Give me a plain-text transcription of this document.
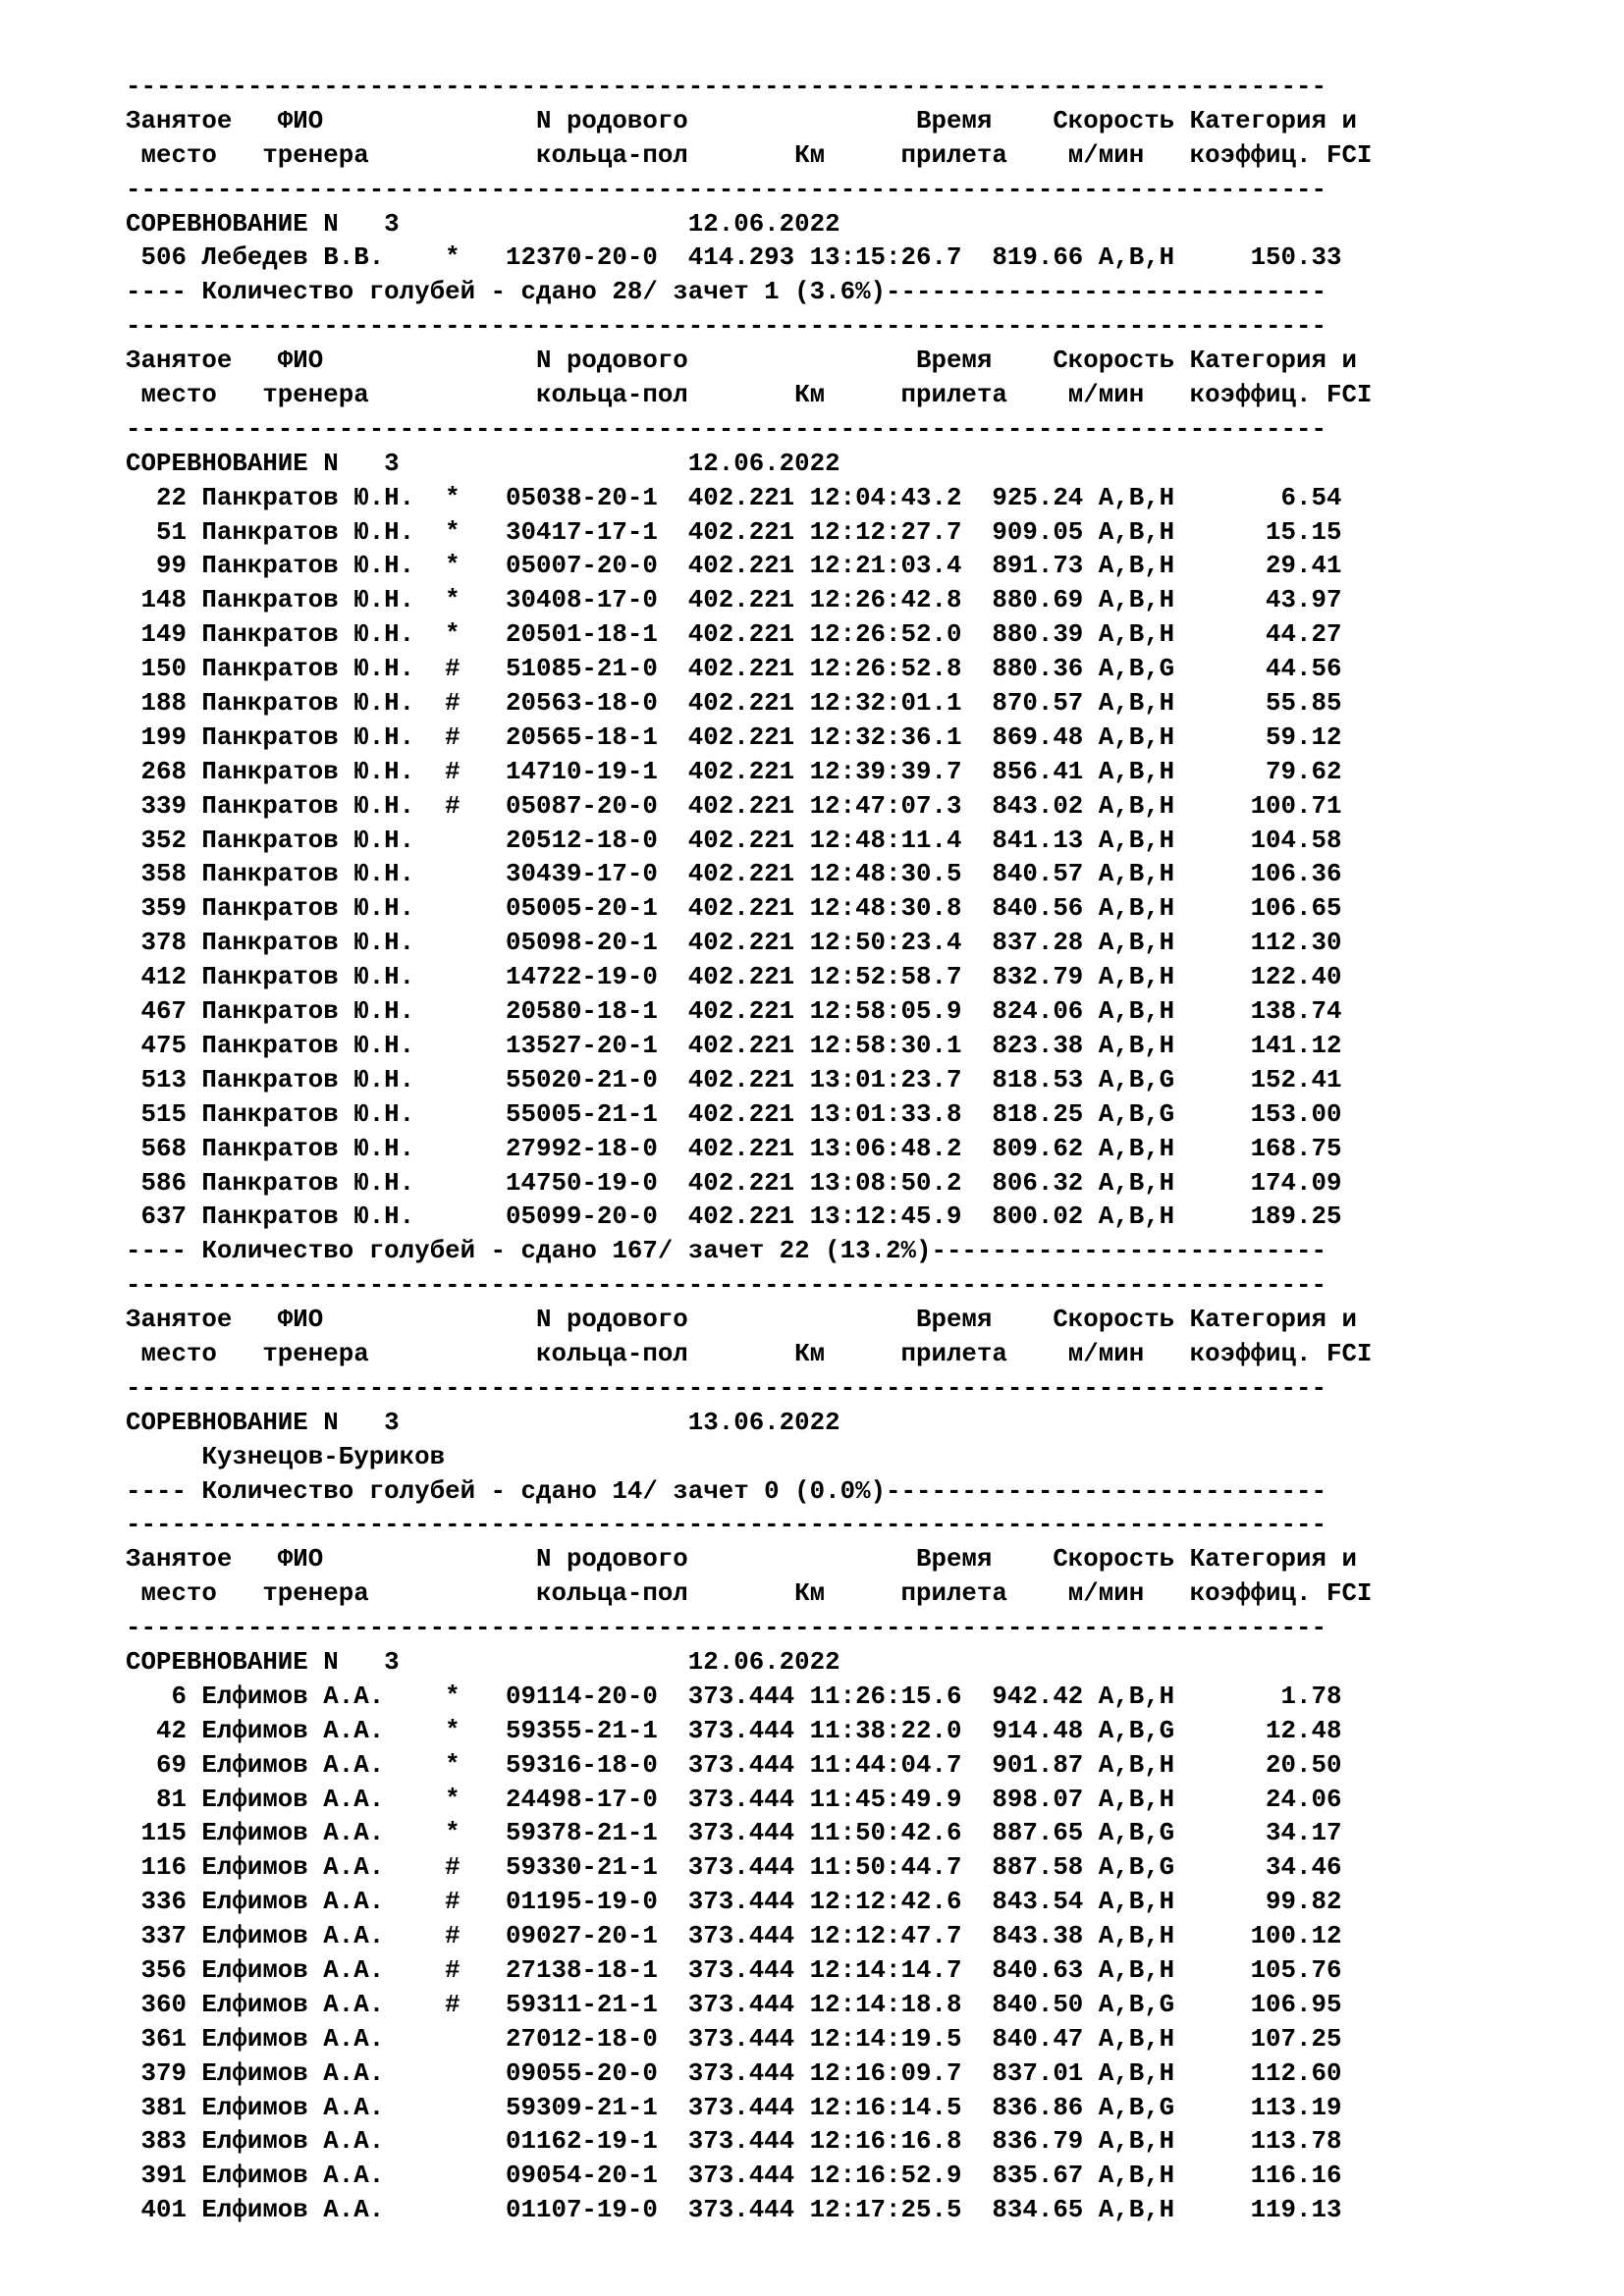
-------------------------------------------------------------------------------
Занятое   ФИО              N родового               Время    Скорость Категория и
место   тренера           кольца-пол       Км     прилета    м/мин   коэффиц. FCI
-------------------------------------------------------------------------------
СОРЕВНОВАНИЕ N   3                   12.06.2022
506 Лебедев В.В.    *   12370-20-0  414.293 13:15:26.7  819.66 A,B,H     150.33
---- Количество голубей - сдано 28/ зачет 1 (3.6%)-----------------------------
-------------------------------------------------------------------------------
Занятое   ФИО              N родового               Время    Скорость Категория и
место   тренера           кольца-пол       Км     прилета    м/мин   коэффиц. FCI
-------------------------------------------------------------------------------
СОРЕВНОВАНИЕ N   3                   12.06.2022
22 Панкратов Ю.Н.  *   05038-20-1  402.221 12:04:43.2  925.24 A,B,H       6.54
51 Панкратов Ю.Н.  *   30417-17-1  402.221 12:12:27.7  909.05 A,B,H      15.15
99 Панкратов Ю.Н.  *   05007-20-0  402.221 12:21:03.4  891.73 A,B,H      29.41
148 Панкратов Ю.Н.  *   30408-17-0  402.221 12:26:42.8  880.69 A,B,H      43.97
149 Панкратов Ю.Н.  *   20501-18-1  402.221 12:26:52.0  880.39 A,B,H      44.27
150 Панкратов Ю.Н.  #   51085-21-0  402.221 12:26:52.8  880.36 A,B,G      44.56
188 Панкратов Ю.Н.  #   20563-18-0  402.221 12:32:01.1  870.57 A,B,H      55.85
199 Панкратов Ю.Н.  #   20565-18-1  402.221 12:32:36.1  869.48 A,B,H      59.12
268 Панкратов Ю.Н.  #   14710-19-1  402.221 12:39:39.7  856.41 A,B,H      79.62
339 Панкратов Ю.Н.  #   05087-20-0  402.221 12:47:07.3  843.02 A,B,H     100.71
352 Панкратов Ю.Н.      20512-18-0  402.221 12:48:11.4  841.13 A,B,H     104.58
358 Панкратов Ю.Н.      30439-17-0  402.221 12:48:30.5  840.57 A,B,H     106.36
359 Панкратов Ю.Н.      05005-20-1  402.221 12:48:30.8  840.56 A,B,H     106.65
378 Панкратов Ю.Н.      05098-20-1  402.221 12:50:23.4  837.28 A,B,H     112.30
412 Панкратов Ю.Н.      14722-19-0  402.221 12:52:58.7  832.79 A,B,H     122.40
467 Панкратов Ю.Н.      20580-18-1  402.221 12:58:05.9  824.06 A,B,H     138.74
475 Панкратов Ю.Н.      13527-20-1  402.221 12:58:30.1  823.38 A,B,H     141.12
513 Панкратов Ю.Н.      55020-21-0  402.221 13:01:23.7  818.53 A,B,G     152.41
515 Панкратов Ю.Н.      55005-21-1  402.221 13:01:33.8  818.25 A,B,G     153.00
568 Панкратов Ю.Н.      27992-18-0  402.221 13:06:48.2  809.62 A,B,H     168.75
586 Панкратов Ю.Н.      14750-19-0  402.221 13:08:50.2  806.32 A,B,H     174.09
637 Панкратов Ю.Н.      05099-20-0  402.221 13:12:45.9  800.02 A,B,H     189.25
---- Количество голубей - сдано 167/ зачет 22 (13.2%)--------------------------
-------------------------------------------------------------------------------
Занятое   ФИО              N родового               Время    Скорость Категория и
место   тренера           кольца-пол       Км     прилета    м/мин   коэффиц. FCI
-------------------------------------------------------------------------------
СОРЕВНОВАНИЕ N   3                   13.06.2022
Кузнецов-Буриков
---- Количество голубей - сдано 14/ зачет 0 (0.0%)-----------------------------
-------------------------------------------------------------------------------
Занятое   ФИО              N родового               Время    Скорость Категория и
место   тренера           кольца-пол       Км     прилета    м/мин   коэффиц. FCI
-------------------------------------------------------------------------------
СОРЕВНОВАНИЕ N   3                   12.06.2022
6 Елфимов А.А.    *   09114-20-0  373.444 11:26:15.6  942.42 A,B,H       1.78
42 Елфимов А.А.    *   59355-21-1  373.444 11:38:22.0  914.48 A,B,G      12.48
69 Елфимов А.А.    *   59316-18-0  373.444 11:44:04.7  901.87 A,B,H      20.50
81 Елфимов А.А.    *   24498-17-0  373.444 11:45:49.9  898.07 A,B,H      24.06
115 Елфимов А.А.    *   59378-21-1  373.444 11:50:42.6  887.65 A,B,G      34.17
116 Елфимов А.А.    #   59330-21-1  373.444 11:50:44.7  887.58 A,B,G      34.46
336 Елфимов А.А.    #   01195-19-0  373.444 12:12:42.6  843.54 A,B,H      99.82
337 Елфимов А.А.    #   09027-20-1  373.444 12:12:47.7  843.38 A,B,H     100.12
356 Елфимов А.А.    #   27138-18-1  373.444 12:14:14.7  840.63 A,B,H     105.76
360 Елфимов А.А.    #   59311-21-1  373.444 12:14:18.8  840.50 A,B,G     106.95
361 Елфимов А.А.        27012-18-0  373.444 12:14:19.5  840.47 A,B,H     107.25
379 Елфимов А.А.        09055-20-0  373.444 12:16:09.7  837.01 A,B,H     112.60
381 Елфимов А.А.        59309-21-1  373.444 12:16:14.5  836.86 A,B,G     113.19
383 Елфимов А.А.        01162-19-1  373.444 12:16:16.8  836.79 A,B,H     113.78
391 Елфимов А.А.        09054-20-1  373.444 12:16:52.9  835.67 A,B,H     116.16
401 Елфимов А.А.        01107-19-0  373.444 12:17:25.5  834.65 A,B,H     119.13
